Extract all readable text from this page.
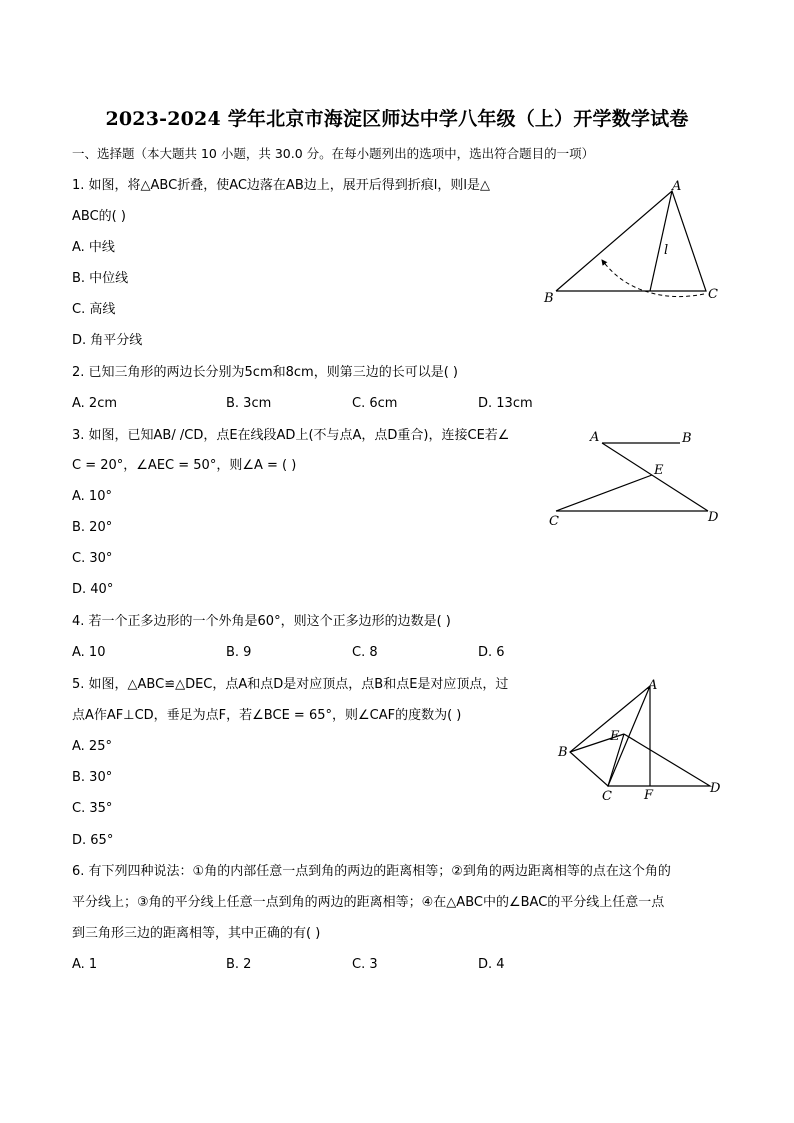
2023-2024 学年北京市海淀区师达中学八年级（上）开学数学试卷
一、选择题（本大题共 10 小题，共 30.0 分。在每小题列出的选项中，选出符合题目的一项）
1. 如图，将△ABC折叠，使AC边落在AB边上，展开后得到折痕l，则l是△
ABC的( )
A. 中线
B. 中位线
C. 高线
D. 角平分线
A
B	C
l
2. 已知三角形的两边长分别为5cm和8cm，则第三边的长可以是( )
A. 2cm	B. 3cm	C. 6cm	D. 13cm
3. 如图，已知AB/ /CD，点E在线段AD上(不与点A，点D重合)，连接CE若∠
C = 20°，∠AEC = 50°，则∠A = ( )
A. 10°
B. 20°
C. 30°
D. 40°
A	B
E
C	D
4. 若一个正多边形的一个外角是60°，则这个正多边形的边数是( )
A. 10	B. 9	C. 8	D. 6
5. 如图，△ABC≌△DEC，点A和点D是对应顶点，点B和点E是对应顶点，过
点A作AF⊥CD，垂足为点F，若∠BCE = 65°，则∠CAF的度数为( )
A. 25°
B. 30°
C. 35°
D. 65°
A
B
E
C F	D
6. 有下列四种说法：①角的内部任意一点到角的两边的距离相等；②到角的两边距离相等的点在这个角的
平分线上；③角的平分线上任意一点到角的两边的距离相等；④在△ABC中的∠BAC的平分线上任意一点
到三角形三边的距离相等，其中正确的有( )
A. 1	B. 2	C. 3	D. 4
